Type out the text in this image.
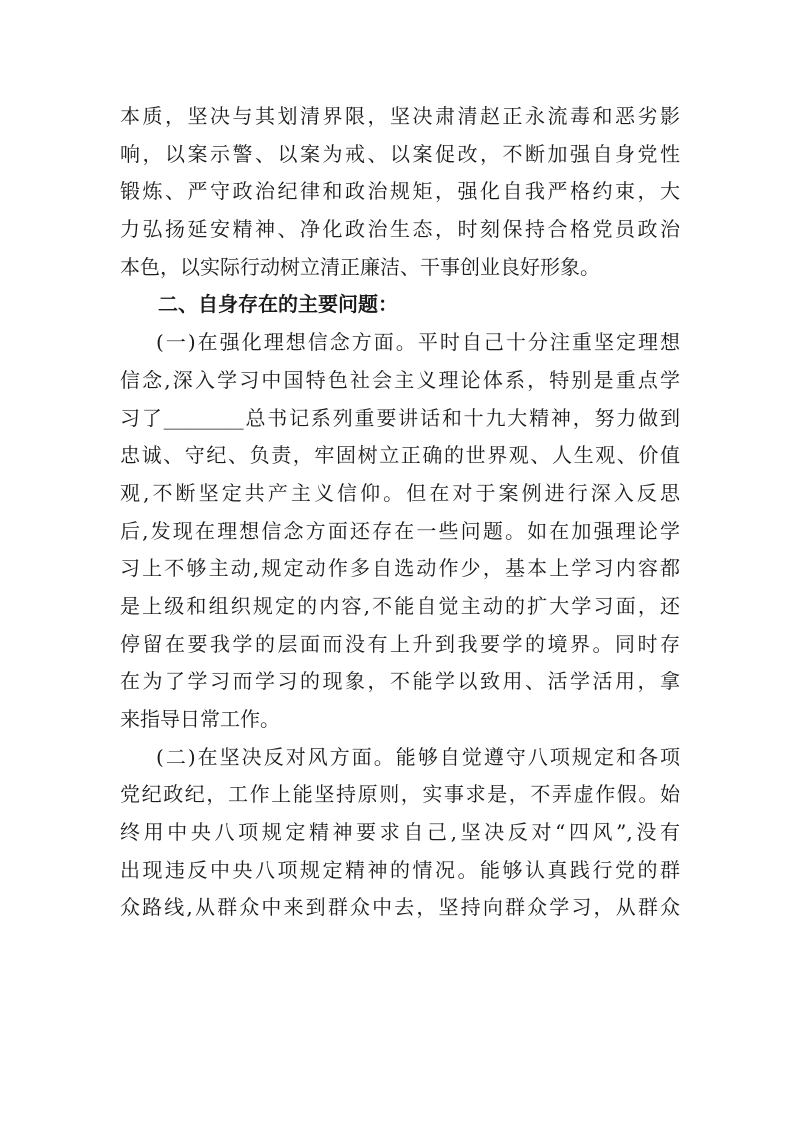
本质，坚决与其划清界限，坚决肃清赵正永流毒和恶劣影
响，以案示警、以案为戒、以案促改，不断加强自身党性
锻炼、严守政治纪律和政治规矩，强化自我严格约束，大
力弘扬延安精神、净化政治生态，时刻保持合格党员政治
本色，以实际行动树立清正廉洁、干事创业良好形象。
二、自身存在的主要问题：
(一)在强化理想信念方面。平时自己十分注重坚定理想
信念,深入学习中国特色社会主义理论体系，特别是重点学
习了________总书记系列重要讲话和十九大精神，努力做到
忠诚、守纪、负责，牢固树立正确的世界观、人生观、价值
观,不断坚定共产主义信仰。但在对于案例进行深入反思
后,发现在理想信念方面还存在一些问题。如在加强理论学
习上不够主动,规定动作多自选动作少，基本上学习内容都
是上级和组织规定的内容,不能自觉主动的扩大学习面，还
停留在要我学的层面而没有上升到我要学的境界。同时存
在为了学习而学习的现象，不能学以致用、活学活用，拿
来指导日常工作。
(二)在坚决反对风方面。能够自觉遵守八项规定和各项
党纪政纪，工作上能坚持原则，实事求是，不弄虚作假。始
终用中央八项规定精神要求自己,坚决反对“四风”,没有
出现违反中央八项规定精神的情况。能够认真践行党的群
众路线,从群众中来到群众中去，坚持向群众学习，从群众
